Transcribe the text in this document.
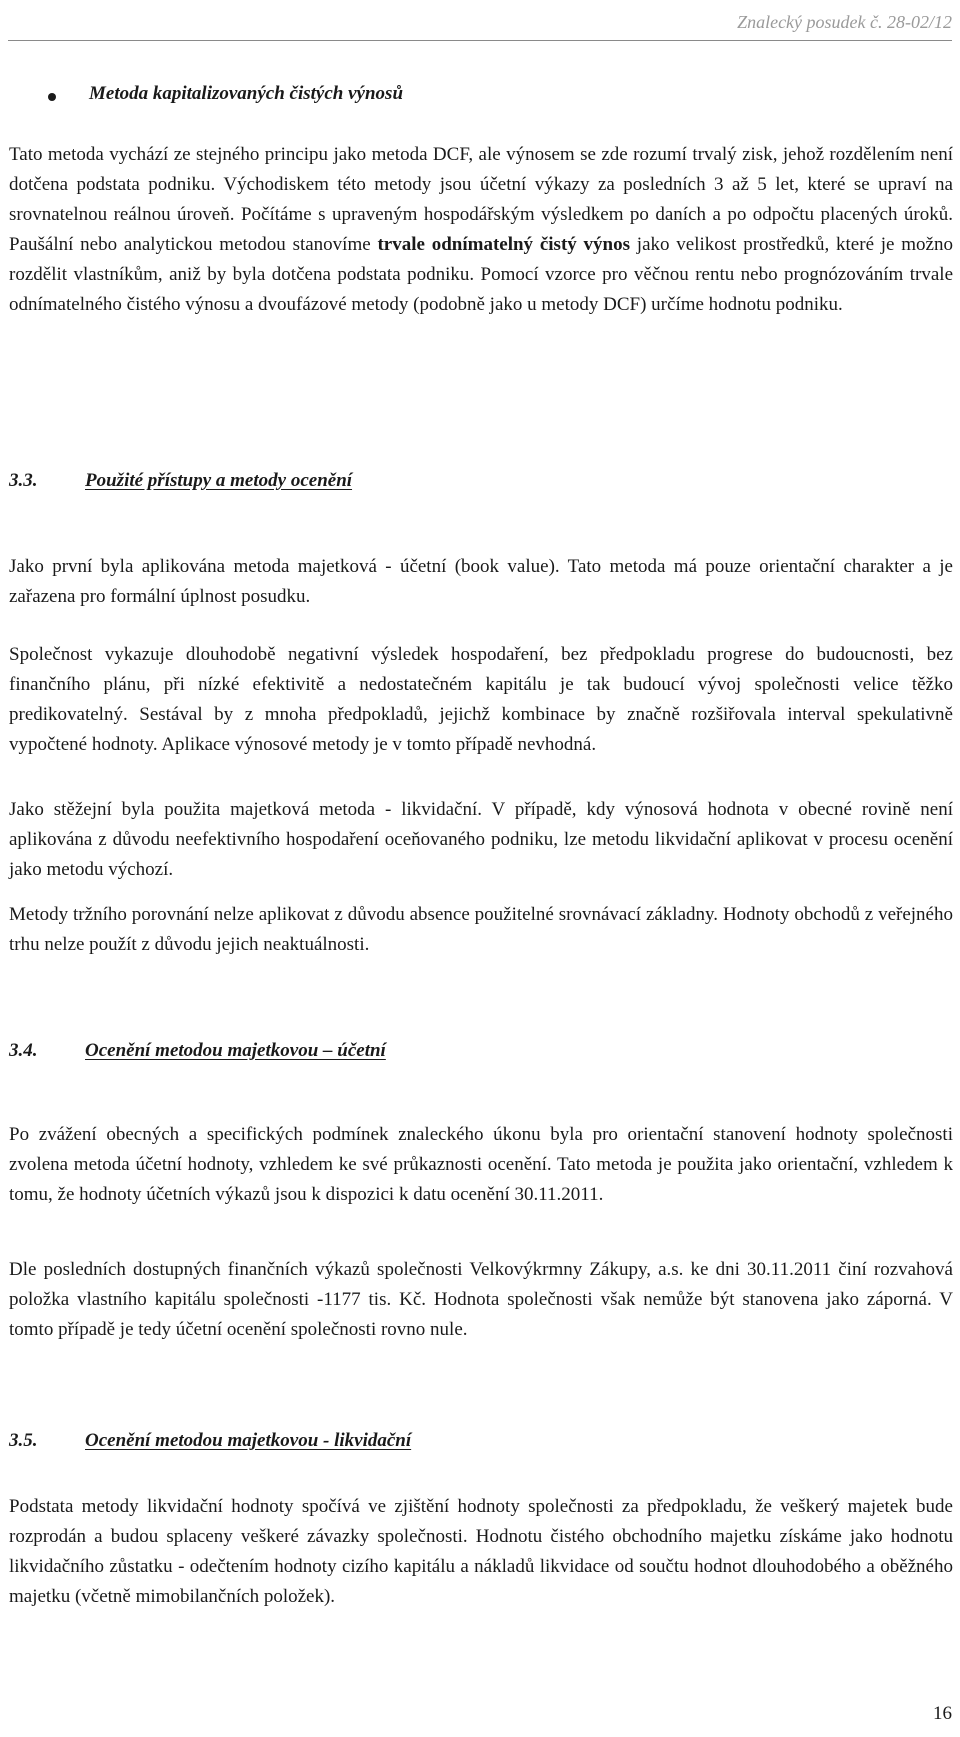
Znalecký posudek č. 28-02/12
Metoda kapitalizovaných čistých výnosů

Tato metoda vychází ze stejného principu jako metoda DCF, ale výnosem se zde rozumí trvalý zisk, jehož rozdělením není dotčena podstata podniku. Východiskem této metody jsou účetní výkazy za posledních 3 až 5 let, které se upraví na srovnatelnou reálnou úroveň. Počítáme s upraveným hospodářským výsledkem po daních a po odpočtu placených úroků. Paušální nebo analytickou metodou stanovíme trvale odnímatelný čistý výnos jako velikost prostředků, které je možno rozdělit vlastníkům, aniž by byla dotčena podstata podniku. Pomocí vzorce pro věčnou rentu nebo prognózováním trvale odnímatelného čistého výnosu a dvoufázové metody (podobně jako u metody DCF) určíme hodnotu podniku.

3.3.	Použité přístupy a metody ocenění

Jako první byla aplikována metoda majetková - účetní (book value). Tato metoda má pouze orientační charakter a je zařazena pro formální úplnost posudku.

Společnost vykazuje dlouhodobě negativní výsledek hospodaření, bez předpokladu progrese do budoucnosti, bez finančního plánu, při nízké efektivitě a nedostatečném kapitálu je tak budoucí vývoj společnosti velice těžko predikovatelný. Sestával by z mnoha předpokladů, jejichž kombinace by značně rozšiřovala interval spekulativně vypočtené hodnoty. Aplikace výnosové metody je v tomto případě nevhodná.

Jako stěžejní byla použita majetková metoda - likvidační. V případě, kdy výnosová hodnota v obecné rovině není aplikována z důvodu neefektivního hospodaření oceňovaného podniku, lze metodu likvidační aplikovat v procesu ocenění jako metodu výchozí.

Metody tržního porovnání nelze aplikovat z důvodu absence použitelné srovnávací základny. Hodnoty obchodů z veřejného trhu nelze použít z důvodu jejich neaktuálnosti.

3.4.	Ocenění metodou majetkovou – účetní

Po zvážení obecných a specifických podmínek znaleckého úkonu byla pro orientační stanovení hodnoty společnosti zvolena metoda účetní hodnoty, vzhledem ke své průkaznosti ocenění. Tato metoda je použita jako orientační, vzhledem k tomu, že hodnoty účetních výkazů jsou k dispozici k datu ocenění 30.11.2011.

Dle posledních dostupných finančních výkazů společnosti Velkovýkrmny Zákupy, a.s. ke dni 30.11.2011 činí rozvahová položka vlastního kapitálu společnosti -1177 tis. Kč. Hodnota společnosti však nemůže být stanovena jako záporná. V tomto případě je tedy účetní ocenění společnosti rovno nule.

3.5.	Ocenění metodou majetkovou - likvidační

Podstata metody likvidační hodnoty spočívá ve zjištění hodnoty společnosti za předpokladu, že veškerý majetek bude rozprodán a budou splaceny veškeré závazky společnosti. Hodnotu čistého obchodního majetku získáme jako hodnotu likvidačního zůstatku - odečtením hodnoty cizího kapitálu a nákladů likvidace od součtu hodnot dlouhodobého a oběžného majetku (včetně mimobilančních položek).

16
